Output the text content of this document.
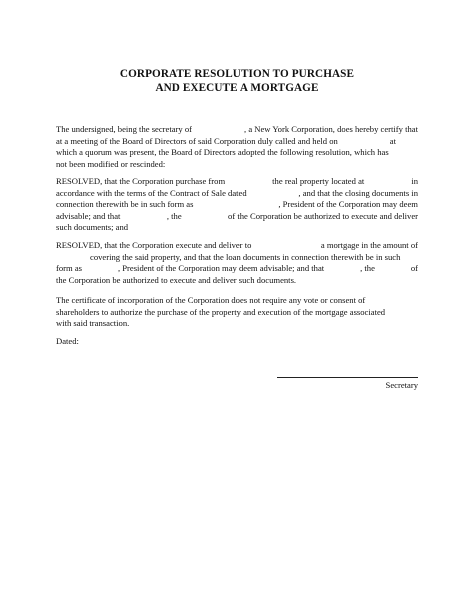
CORPORATE RESOLUTION TO PURCHASE
AND EXECUTE A MORTGAGE
The undersigned, being the secretary of	, a New York Corporation, does hereby certify that
at a meeting of the Board of Directors of said Corporation duly called and held on	at
which a quorum was present, the Board of Directors adopted the following resolution, which has
not been modified or rescinded:
RESOLVED, that the Corporation purchase from	the real property located at	in
accordance with the terms of the Contract of Sale dated	, and that the closing documents in
connection therewith be in such form as	, President of the Corporation may deem
advisable; and that	, the	of the Corporation be authorized to execute and deliver
such documents; and
RESOLVED, that the Corporation execute and deliver to	a mortgage in the amount of
covering the said property, and that the loan documents in connection therewith be in such
form as	, President of the Corporation may deem advisable; and that	, the	of
the Corporation be authorized to execute and deliver such documents.
The certificate of incorporation of the Corporation does not require any vote or consent of
shareholders to authorize the purchase of the property and execution of the mortgage associated
with said transaction.
Dated:
Secretary
